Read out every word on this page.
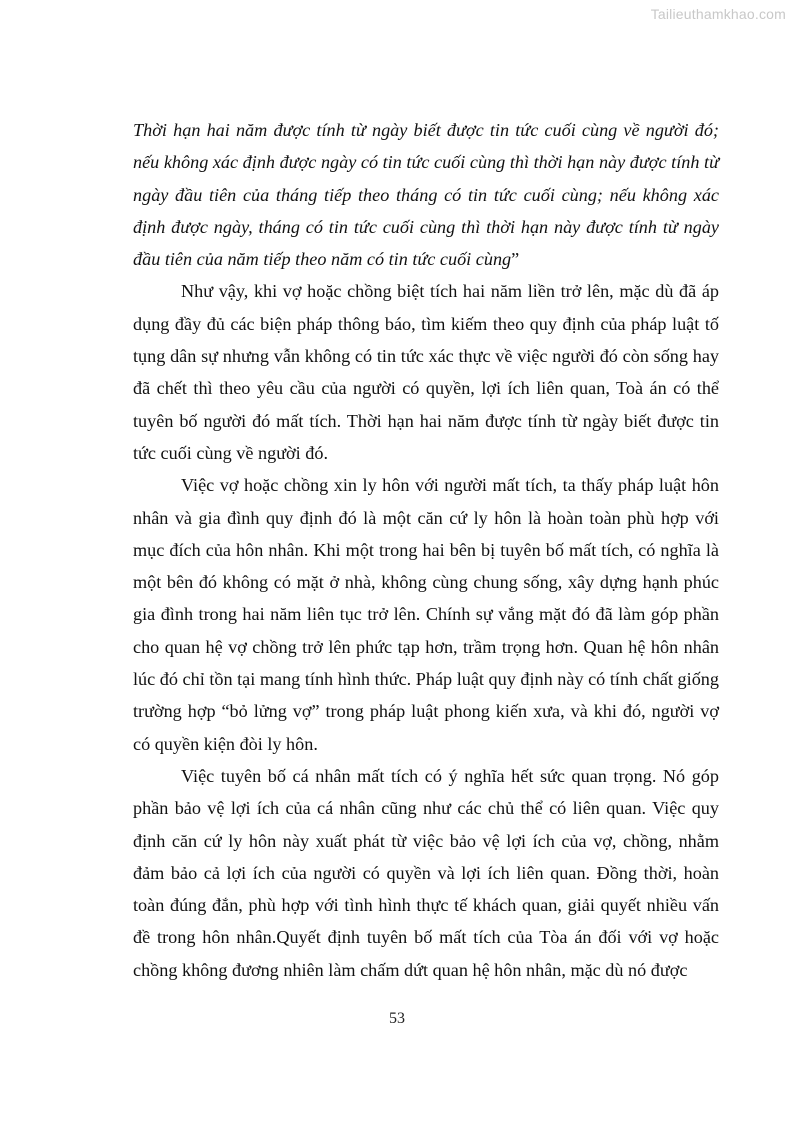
Tailieuthamkhao.com

Thời hạn hai năm được tính từ ngày biết được tin tức cuối cùng về người đó; nếu không xác định được ngày có tin tức cuối cùng thì thời hạn này được tính từ ngày đầu tiên của tháng tiếp theo tháng có tin tức cuối cùng; nếu không xác định được ngày, tháng có tin tức cuối cùng thì thời hạn này được tính từ ngày đầu tiên của năm tiếp theo năm có tin tức cuối cùng”

Như vậy, khi vợ hoặc chồng biệt tích hai năm liền trở lên, mặc dù đã áp dụng đầy đủ các biện pháp thông báo, tìm kiếm theo quy định của pháp luật tố tụng dân sự nhưng vẫn không có tin tức xác thực về việc người đó còn sống hay đã chết thì theo yêu cầu của người có quyền, lợi ích liên quan, Toà án có thể tuyên bố người đó mất tích. Thời hạn hai năm được tính từ ngày biết được tin tức cuối cùng về người đó.

Việc vợ hoặc chồng xin ly hôn với người mất tích, ta thấy pháp luật hôn nhân và gia đình quy định đó là một căn cứ ly hôn là hoàn toàn phù hợp với mục đích của hôn nhân. Khi một trong hai bên bị tuyên bố mất tích, có nghĩa là một bên đó không có mặt ở nhà, không cùng chung sống, xây dựng hạnh phúc gia đình trong hai năm liên tục trở lên. Chính sự vắng mặt đó đã làm góp phần cho quan hệ vợ chồng trở lên phức tạp hơn, trầm trọng hơn. Quan hệ hôn nhân lúc đó chỉ tồn tại mang tính hình thức. Pháp luật quy định này có tính chất giống trường hợp “bỏ lửng vợ” trong pháp luật phong kiến xưa, và khi đó, người vợ có quyền kiện đòi ly hôn.

Việc tuyên bố cá nhân mất tích có ý nghĩa hết sức quan trọng. Nó góp phần bảo vệ lợi ích của cá nhân cũng như các chủ thể có liên quan. Việc quy định căn cứ ly hôn này xuất phát từ việc bảo vệ lợi ích của vợ, chồng, nhằm đảm bảo cả lợi ích của người có quyền và lợi ích liên quan. Đồng thời, hoàn toàn đúng đắn, phù hợp với tình hình thực tế khách quan, giải quyết nhiều vấn đề trong hôn nhân.Quyết định tuyên bố mất tích của Tòa án đối với vợ hoặc chồng không đương nhiên làm chấm dứt quan hệ hôn nhân, mặc dù nó được

53
